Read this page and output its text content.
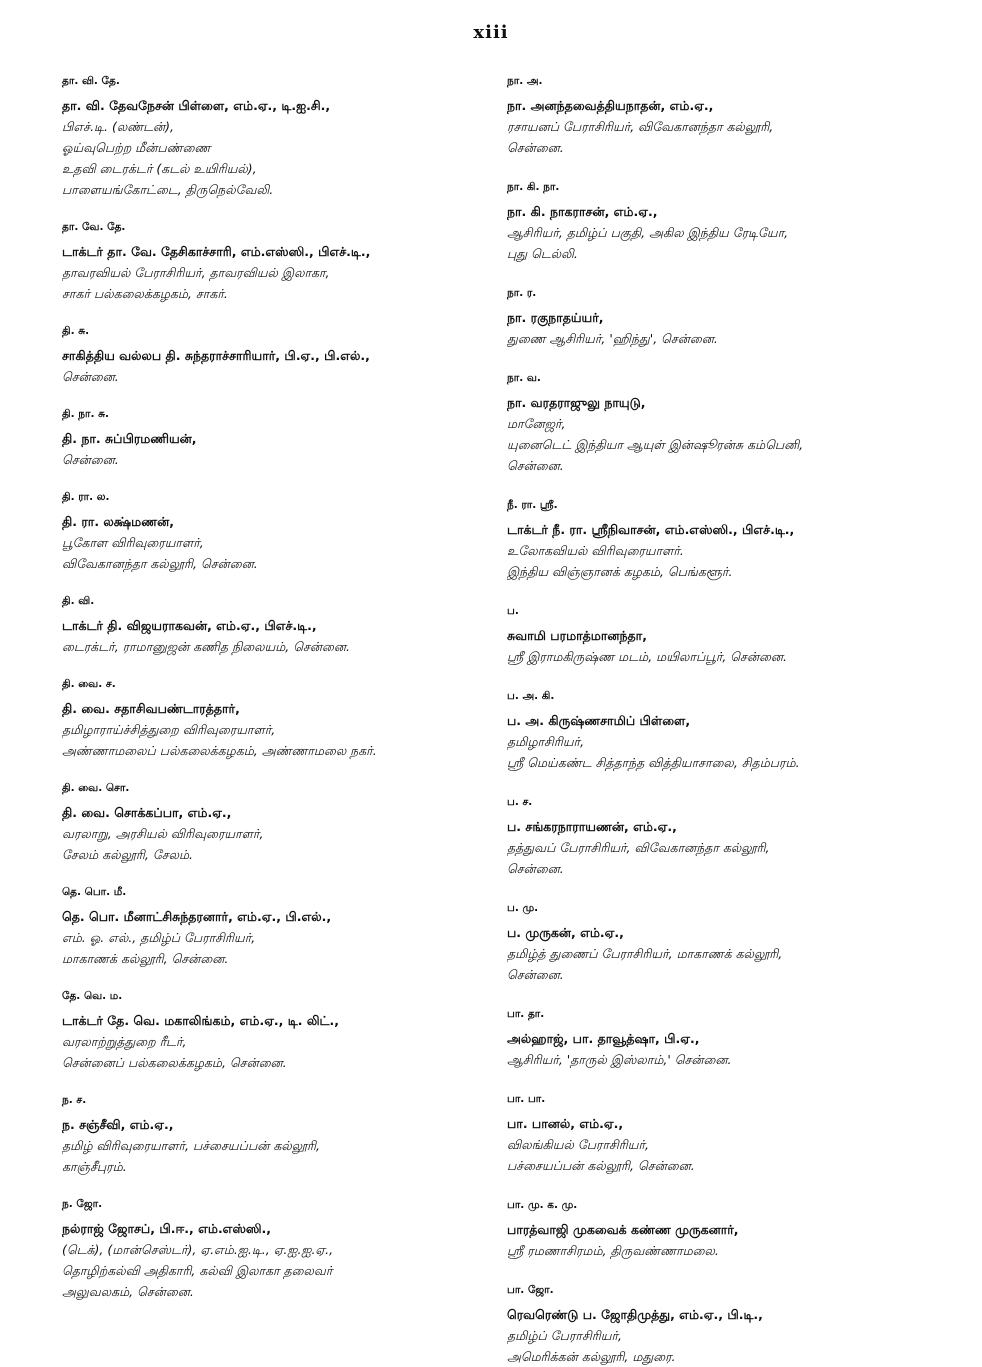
xiii
தா. வி. தே.
தா. வி. தேவநேசன் பிள்ளை, எம்.ஏ., டி.ஐ.சி.,
பிஎச்.டி. (லண்டன்),
ஓய்வுபெற்ற மீன்பண்ணை
உதவி டைரக்டர் (கடல் உயிரியல்),
பாளையங்கோட்டை, திருநெல்வேலி.
தா. வே. தே.
டாக்டர் தா. வே. தேசிகாச்சாரி, எம்.எஸ்ஸி., பிஎச்.டி.,
தாவரவியல் பேராசிரியர், தாவரவியல் இலாகா,
சாகர் பல்கலைக்கழகம், சாகர்.
தி. சு.
சாகித்திய வல்லப தி. சுந்தராச்சாரியார், பி.ஏ., பி.எல்.,
சென்னை.
தி. நா. சு.
தி. நா. சுப்பிரமணியன்,
சென்னை.
தி. ரா. ல.
தி. ரா. லக்ஷ்மணன்,
பூகோள விரிவுரையாளர்,
விவேகானந்தா கல்லூரி, சென்னை.
தி. வி.
டாக்டர் தி. விஜயராகவன், எம்.ஏ., பிஎச்.டி.,
டைரக்டர், ராமானுஜன் கணித நிலையம், சென்னை.
தி. வை. ச.
தி. வை. சதாசிவபண்டாரத்தார்,
தமிழாராய்ச்சித்துறை விரிவுரையாளர்,
அண்ணாமலைப் பல்கலைக்கழகம், அண்ணாமலை நகர்.
தி. வை. சொ.
தி. வை. சொக்கப்பா, எம்.ஏ.,
வரலாறு, அரசியல் விரிவுரையாளர்,
சேலம் கல்லூரி, சேலம்.
தெ. பொ. மீ.
தெ. பொ. மீனாட்சிசுந்தரனார், எம்.ஏ., பி.எல்.,
எம். ஓ. எல்., தமிழ்ப் பேராசிரியர்,
மாகாணக் கல்லூரி, சென்னை.
தே. வெ. ம.
டாக்டர் தே. வெ. மகாலிங்கம், எம்.ஏ., டி. லிட்.,
வரலாற்றுத்துறை ரீடர்,
சென்னைப் பல்கலைக்கழகம், சென்னை.
ந. ச.
ந. சஞ்சீவி, எம்.ஏ.,
தமிழ் விரிவுரையாளர், பச்சையப்பன் கல்லூரி,
காஞ்சீபுரம்.
ந. ஜோ.
நல்ராஜ் ஜோசப், பி.ஈ., எம்.எஸ்ஸி.,
(டெக்), (மான்செஸ்டர்), ஏ.எம்.ஐ.டி., ஏ.ஐ.ஐ.ஏ.,
தொழிற்கல்வி அதிகாரி, கல்வி இலாகா தலைவர்
அலுவலகம், சென்னை.
நா. அ.
நா. அனந்தவைத்தியநாதன், எம்.ஏ.,
ரசாயனப் பேராசிரியர், விவேகானந்தா கல்லூரி,
சென்னை.
நா. கி. நா.
நா. கி. நாகராசன், எம்.ஏ.,
ஆசிரியர், தமிழ்ப் பகுதி, அகில இந்திய ரேடியோ,
புது டெல்லி.
நா. ர.
நா. ரகுநாதய்யர்,
துணை ஆசிரியர், 'ஹிந்து', சென்னை.
நா. வ.
நா. வரதராஜுலு நாயுடு,
மானேஜர்,
யுனைடெட் இந்தியா ஆயுள் இன்ஷூரன்சு கம்பெனி,
சென்னை.
நீ. ரா. ஸ்ரீ.
டாக்டர் நீ. ரா. ஸ்ரீநிவாசன், எம்.எஸ்ஸி., பிஎச்.டி.,
உலோகவியல் விரிவுரையாளர்.
இந்திய விஞ்ஞானக் கழகம், பெங்களூர்.
ப.
சுவாமி பரமாத்மானந்தா,
ஸ்ரீ இராமகிருஷ்ண மடம், மயிலாப்பூர், சென்னை.
ப. அ. கி.
ப. அ. கிருஷ்ணசாமிப் பிள்ளை,
தமிழாசிரியர்,
ஸ்ரீ மெய்கண்ட சித்தாந்த வித்தியாசாலை, சிதம்பரம்.
ப. ச.
ப. சங்கரநாராயணன், எம்.ஏ.,
தத்துவப் பேராசிரியர், விவேகானந்தா கல்லூரி,
சென்னை.
ப. மு.
ப. முருகன், எம்.ஏ.,
தமிழ்த் துணைப் பேராசிரியர், மாகாணக் கல்லூரி,
சென்னை.
பா. தா.
அல்ஹாஜ், பா. தாவூத்ஷா, பி.ஏ.,
ஆசிரியர், 'தாருல் இஸ்லாம்,' சென்னை.
பா. பா.
பா. பானல், எம்.ஏ.,
விலங்கியல் பேராசிரியர்,
பச்சையப்பன் கல்லூரி, சென்னை.
பா. மு. க. மு.
பாரத்வாஜி முகவைக் கண்ண முருகனார்,
ஸ்ரீ ரமணாசிரமம், திருவண்ணாமலை.
பா. ஜோ.
ரெவரெண்டு ப. ஜோதிமுத்து, எம்.ஏ., பி.டி.,
தமிழ்ப் பேராசிரியர்,
அமெரிக்கன் கல்லூரி, மதுரை.
